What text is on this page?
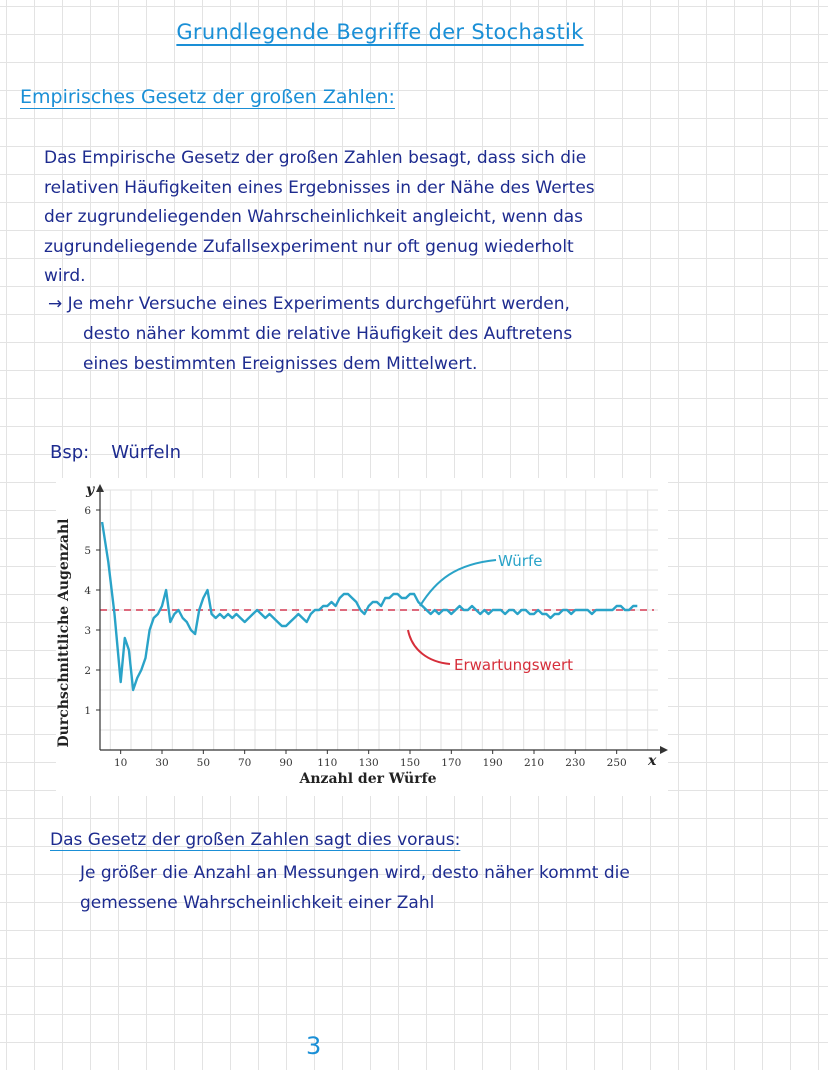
Grundlegende Begriffe der Stochastik
Empirisches Gesetz der großen Zahlen:

Das Empirische Gesetz der großen Zahlen besagt, dass sich die

relativen Häufigkeiten eines Ergebnisses in der Nähe des Wertes

der zugrundeliegenden Wahrscheinlichkeit angleicht, wenn das

zugrundeliegende Zufallsexperiment nur oft genug wiederholt

wird.

→ Je mehr Versuche eines Experiments durchgeführt werden,

desto näher kommt die relative Häufigkeit des Auftretens

eines bestimmten Ereignisses dem Mittelwert.

Bsp: Würfeln
10	30	50	70	90 110 130 150 170 190 210 230 250
1
2
3
4
5
6
Anzahl der Würfe
Durchschnittliche Augenzahl
x
y
Würfe
Erwartungswert
Das Gesetz der großen Zahlen sagt dies voraus:

Je größer die Anzahl an Messungen wird, desto näher kommt die

gemessene Wahrscheinlichkeit einer Zahl

3
